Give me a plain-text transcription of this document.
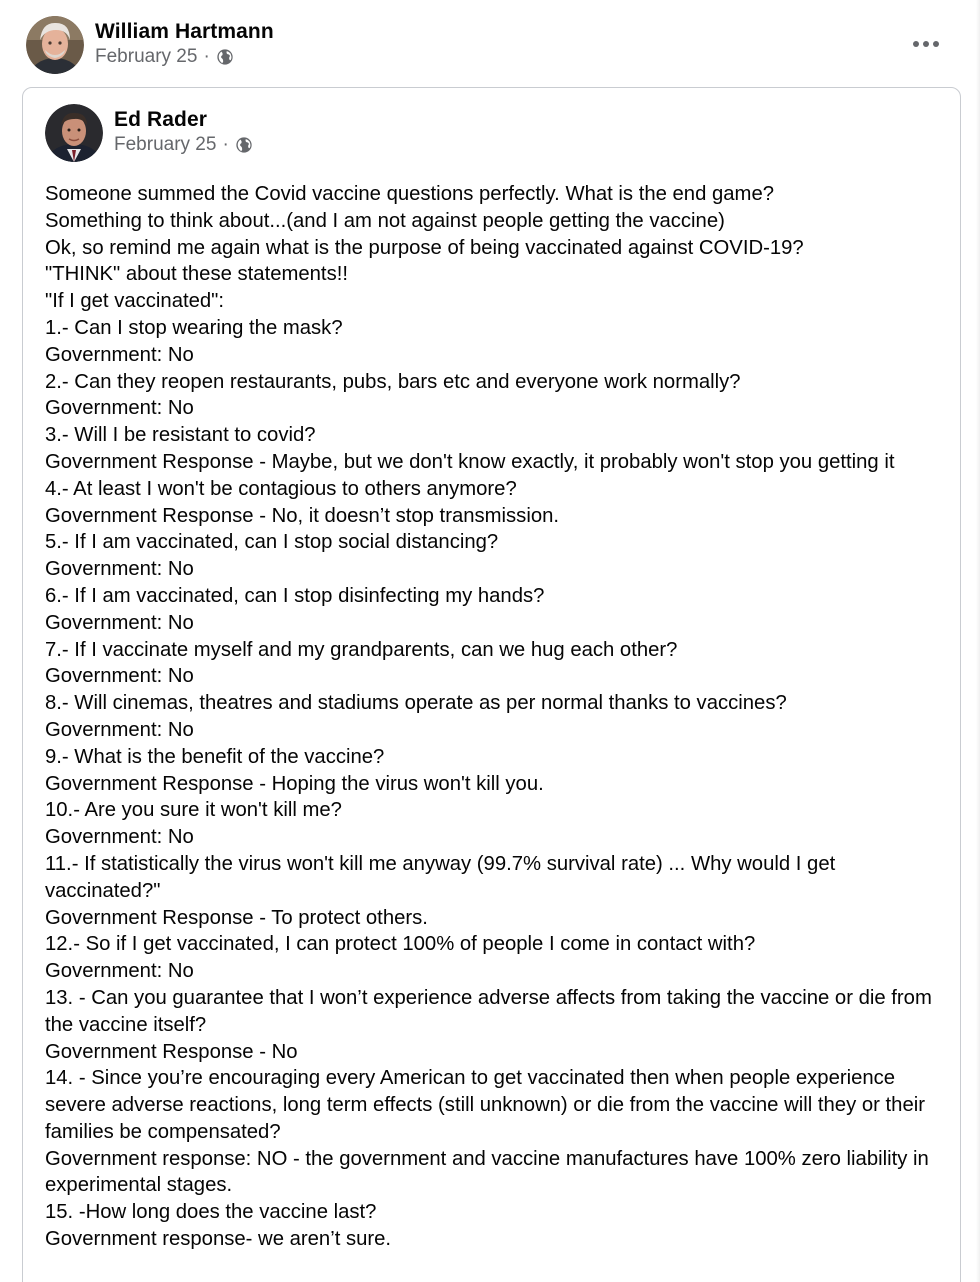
William Hartmann
February 25 ·
Ed Rader
February 25 ·
Someone summed the Covid vaccine questions perfectly. What is the end game?
Something to think about...(and I am not against people getting the vaccine)
Ok, so remind me again what is the purpose of being vaccinated against COVID-19?
"THINK" about these statements!!
"If I get vaccinated":
1.- Can I stop wearing the mask?
Government: No
2.- Can they reopen restaurants, pubs, bars etc and everyone work normally?
Government: No
3.- Will I be resistant to covid?
Government Response - Maybe, but we don't know exactly, it probably won't stop you getting it
4.- At least I won't be contagious to others anymore?
Government Response - No, it doesn’t stop transmission.
5.- If I am vaccinated, can I stop social distancing?
Government: No
6.- If I am vaccinated, can I stop disinfecting my hands?
Government: No
7.- If I vaccinate myself and my grandparents, can we hug each other?
Government: No
8.- Will cinemas, theatres and stadiums operate as per normal thanks to vaccines?
Government: No
9.- What is the benefit of the vaccine?
Government Response - Hoping the virus won't kill you.
10.- Are you sure it won't kill me?
Government: No
11.- If statistically the virus won't kill me anyway (99.7% survival rate) ... Why would I get vaccinated?"
Government Response - To protect others.
12.- So if I get vaccinated, I can protect 100% of people I come in contact with?
Government: No
13. - Can you guarantee that I won’t experience adverse affects from taking the vaccine or die from the vaccine itself?
Government Response - No
14. - Since you’re encouraging every American to get vaccinated then when people experience severe adverse reactions, long term effects (still unknown) or die from the vaccine will they or their families be compensated?
Government response: NO - the government and vaccine manufactures have 100% zero liability in experimental stages.
15. -How long does the vaccine last?
Government response- we aren’t sure.
